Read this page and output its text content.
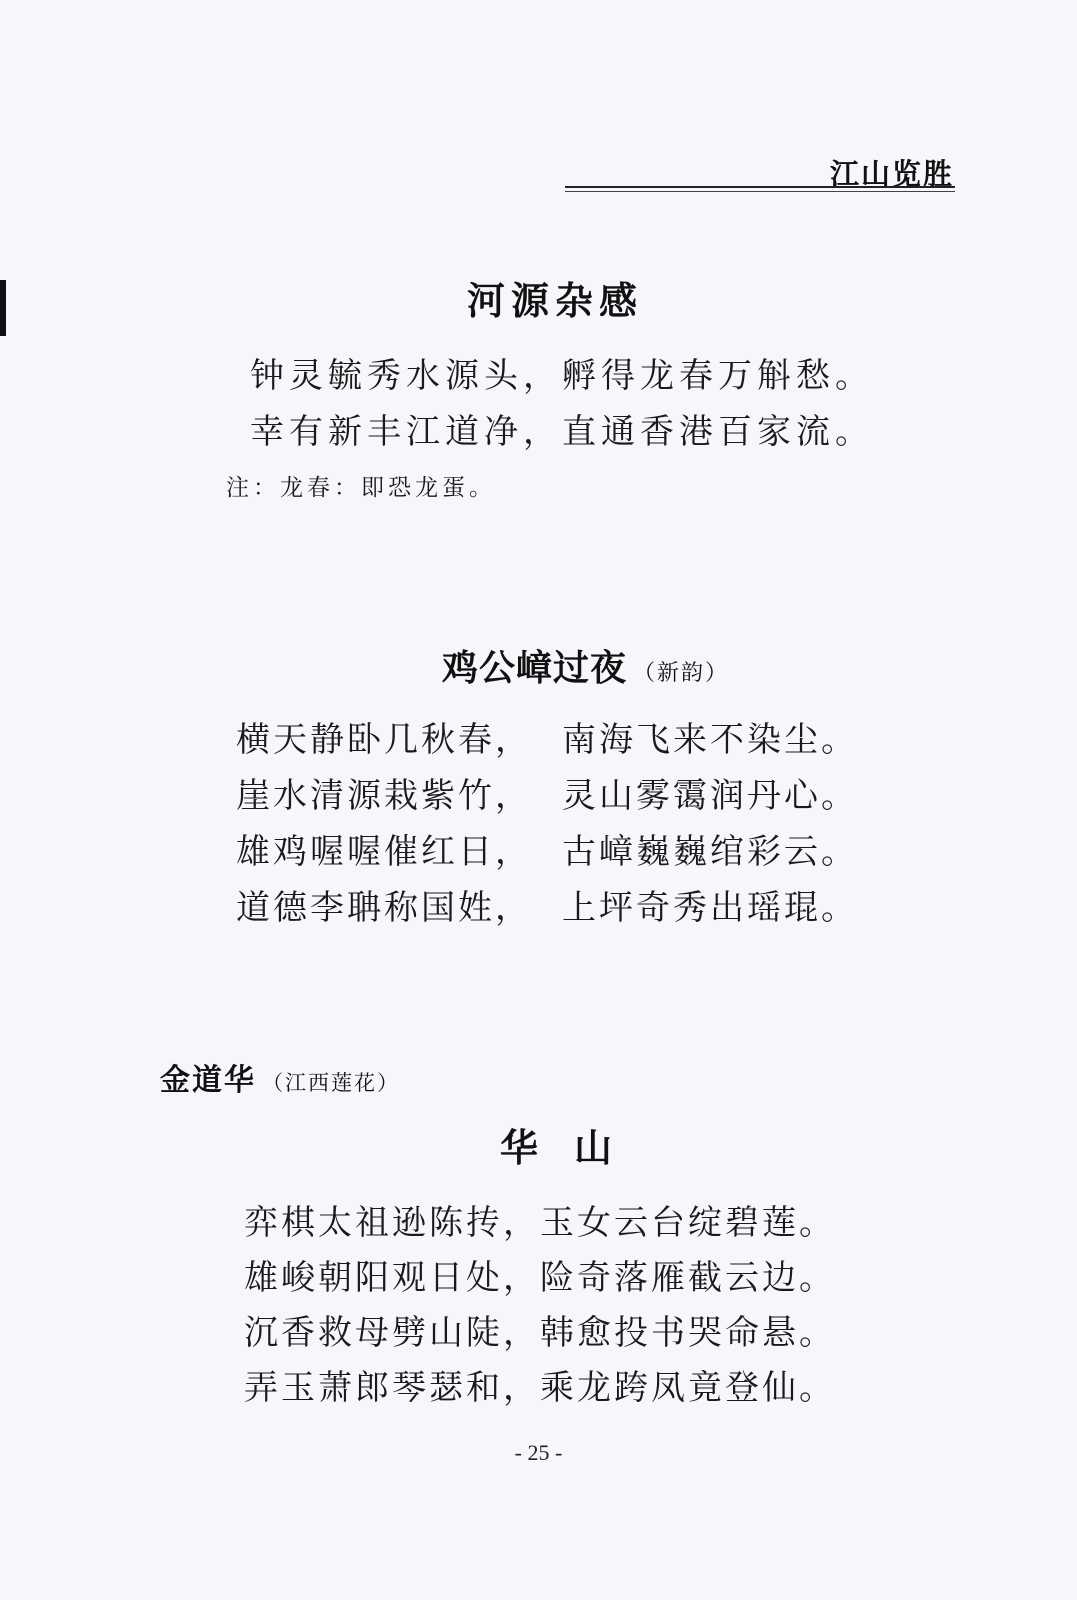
江山览胜
河源杂感
钟灵毓秀水源头，孵得龙春万斛愁。
幸有新丰江道净，直通香港百家流。
注：龙春：即恐龙蛋。
鸡公嶂过夜 （新韵）
横天静卧几秋春， 南海飞来不染尘。
崖水清源栽紫竹， 灵山雾霭润丹心。
雄鸡喔喔催红日， 古嶂巍巍绾彩云。
道德李聃称国姓， 上坪奇秀出瑶琨。
金道华 （江西莲花）
华山
弈棋太祖逊陈抟，玉女云台绽碧莲。
雄峻朝阳观日处，险奇落雁截云边。
沉香救母劈山陡，韩愈投书哭命悬。
弄玉萧郎琴瑟和，乘龙跨凤竟登仙。
- 25 -
